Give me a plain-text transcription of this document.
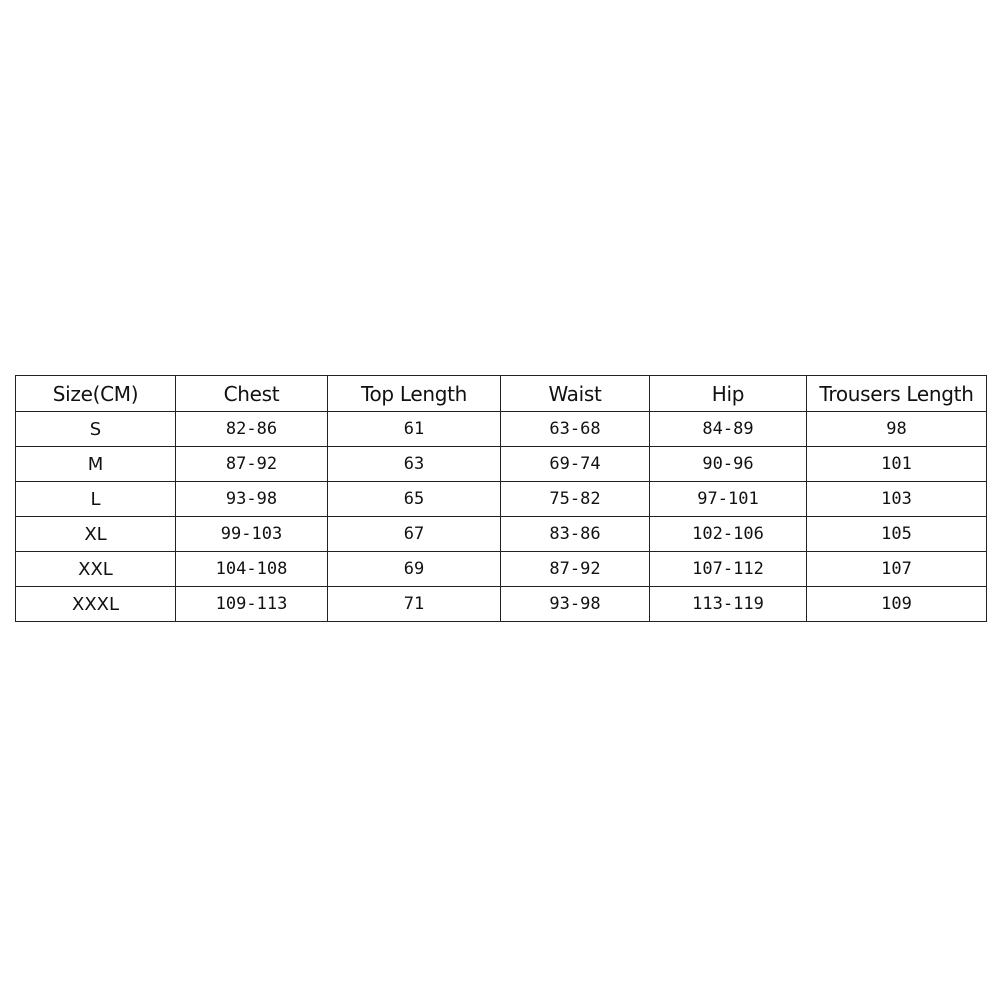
Size(CM)	Chest	Top Length	Waist	Hip	Trousers Length
S	82-86	61	63-68	84-89	98
M	87-92	63	69-74	90-96	101
L	93-98	65	75-82	97-101	103
XL	99-103	67	83-86	102-106	105
XXL	104-108	69	87-92	107-112	107
XXXL	109-113	71	93-98	113-119	109
